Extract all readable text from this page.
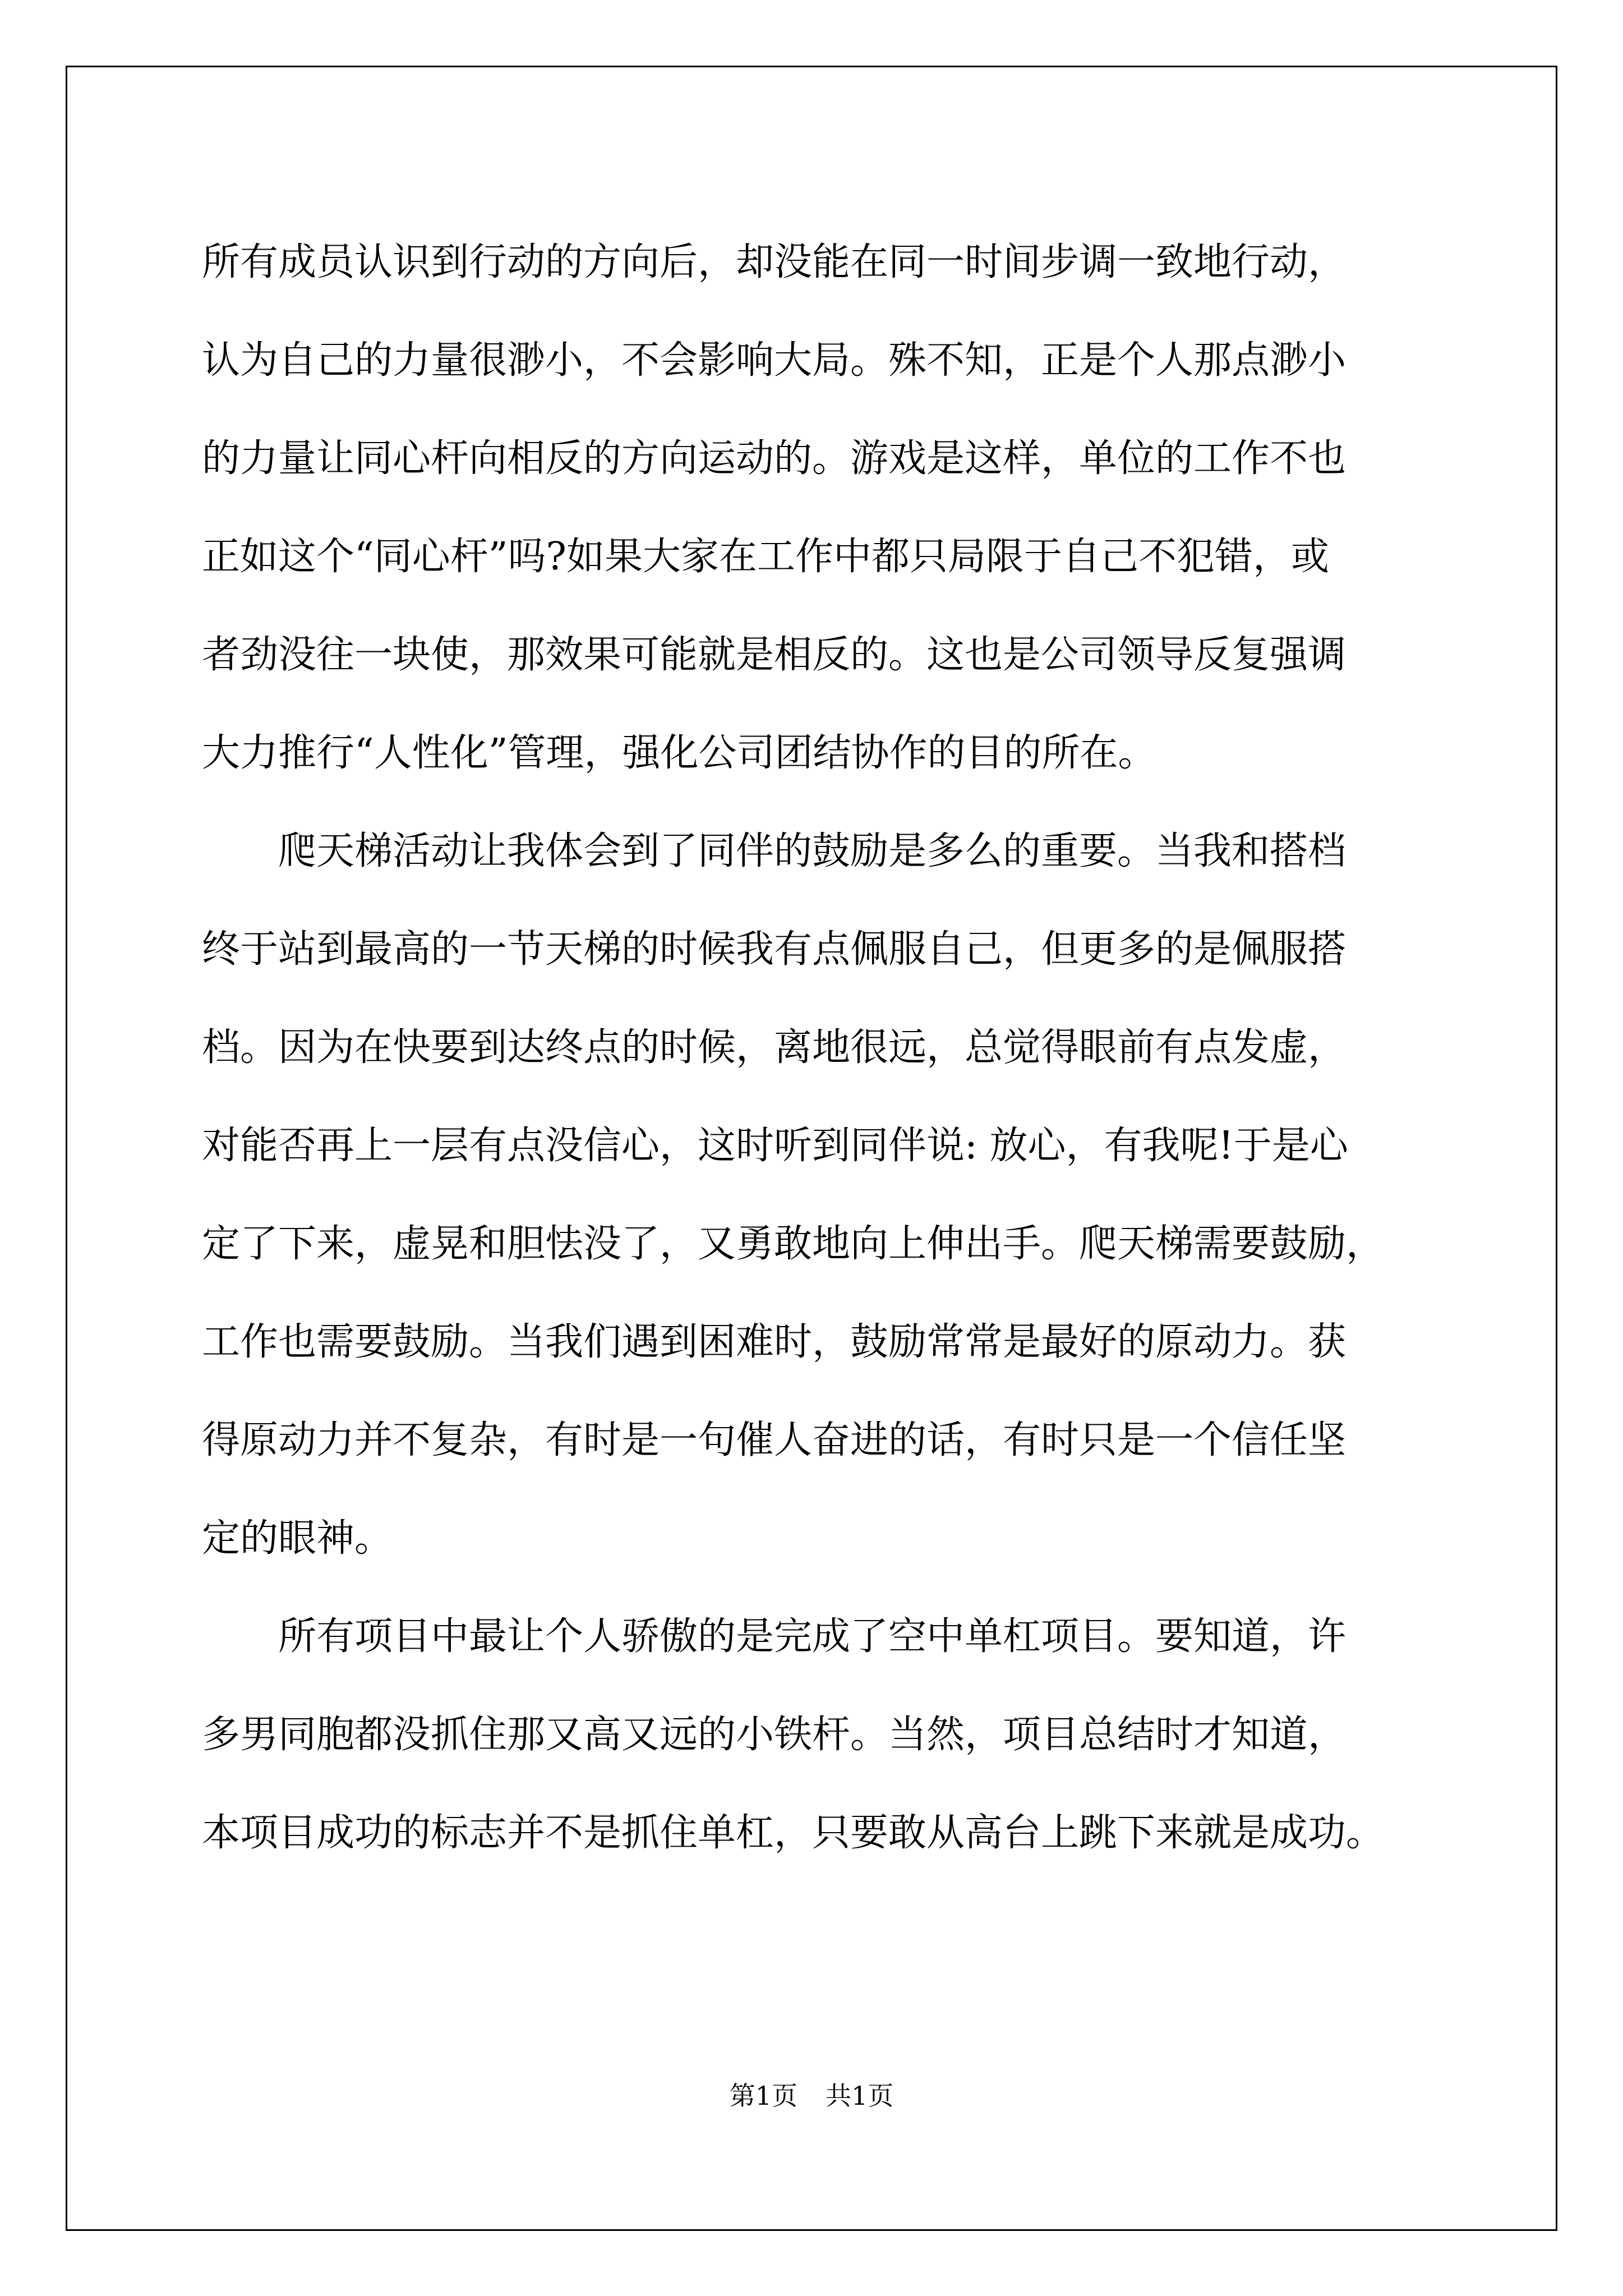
所有成员认识到行动的方向后，却没能在同一时间步调一致地行动，

认为自己的力量很渺小，不会影响大局。殊不知，正是个人那点渺小

的力量让同心杆向相反的方向运动的。游戏是这样，单位的工作不也

正如这个“同心杆”吗?如果大家在工作中都只局限于自己不犯错，或

者劲没往一块使，那效果可能就是相反的。这也是公司领导反复强调

大力推行“人性化”管理，强化公司团结协作的目的所在。

爬天梯活动让我体会到了同伴的鼓励是多么的重要。当我和搭档

终于站到最高的一节天梯的时候我有点佩服自己，但更多的是佩服搭

档。因为在快要到达终点的时候，离地很远，总觉得眼前有点发虚，

对能否再上一层有点没信心，这时听到同伴说: 放心，有我呢!于是心

定了下来，虚晃和胆怯没了，又勇敢地向上伸出手。爬天梯需要鼓励，

工作也需要鼓励。当我们遇到困难时，鼓励常常是最好的原动力。获

得原动力并不复杂，有时是一句催人奋进的话，有时只是一个信任坚

定的眼神。

所有项目中最让个人骄傲的是完成了空中单杠项目。要知道，许

多男同胞都没抓住那又高又远的小铁杆。当然，项目总结时才知道，

本项目成功的标志并不是抓住单杠，只要敢从高台上跳下来就是成功。

第1页 共1页
